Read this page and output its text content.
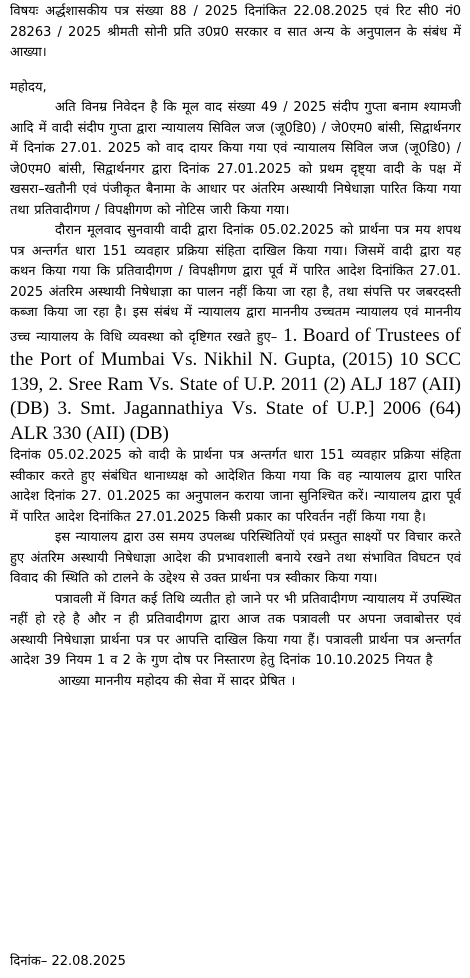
विषयः अर्द्धशासकीय पत्र संख्या 88 / 2025 दिनांकित 22.08.2025 एवं रिट सी0 नं0 28263 / 2025 श्रीमती सोनी प्रति उ0प्र0 सरकार व सात अन्य के अनुपालन के संबंध में आख्या।

महोदय,

अति विनम्र निवेदन है कि मूल वाद संख्या 49 / 2025 संदीप गुप्ता बनाम श्यामजी आदि में वादी संदीप गुप्ता द्वारा न्यायालय सिविल जज (जू0डि0) / जे0एम0 बांसी, सिद्वार्थनगर में दिनांक 27.01. 2025 को वाद दायर किया गया एवं न्यायालय सिविल जज (जू0डि0) / जे0एम0 बांसी, सिद्वार्थनगर द्वारा दिनांक 27.01.2025 को प्रथम दृष्ट्या वादी के पक्ष में खसरा–खतौनी एवं पंजीकृत बैनामा के आधार पर अंतरिम अस्थायी निषेधाज्ञा पारित किया गया तथा प्रतिवादीगण / विपक्षीगण को नोटिस जारी किया गया।

दौरान मूलवाद सुनवायी वादी द्वारा दिनांक 05.02.2025 को प्रार्थना पत्र मय शपथ पत्र अन्तर्गत धारा 151 व्यवहार प्रक्रिया संहिता दाखिल किया गया। जिसमें वादी द्वारा यह कथन किया गया कि प्रतिवादीगण / विपक्षीगण द्वारा पूर्व में पारित आदेश दिनांकित 27.01. 2025 अंतरिम अस्थायी निषेधाज्ञा का पालन नहीं किया जा रहा है, तथा संपत्ति पर जबरदस्ती कब्जा किया जा रहा है। इस संबंध में न्यायालय द्वारा माननीय उच्चतम न्यायालय एवं माननीय उच्च न्यायालय के विधि व्यवस्था को दृष्टिगत रखते हुए– 1. Board of Trustees of the Port of Mumbai Vs. Nikhil N. Gupta, (2015) 10 SCC 139, 2. Sree Ram Vs. State of U.P. 2011 (2) ALJ 187 (AII) (DB) 3. Smt. Jagannathiya Vs. State of U.P.] 2006 (64) ALR 330 (AII) (DB)

दिनांक 05.02.2025 को वादी के प्रार्थना पत्र अन्तर्गत धारा 151 व्यवहार प्रक्रिया संहिता स्वीकार करते हुए संबंधित थानाध्यक्ष को आदेशित किया गया कि वह न्यायालय द्वारा पारित आदेश दिनांक 27. 01.2025 का अनुपालन कराया जाना सुनिश्चित करें। न्यायालय द्वारा पूर्व में पारित आदेश दिनांकित 27.01.2025 किसी प्रकार का परिवर्तन नहीं किया गया है।

इस न्यायालय द्वारा उस समय उपलब्ध परिस्थितियों एवं प्रस्तुत साक्ष्यों पर विचार करते हुए अंतरिम अस्थायी निषेधाज्ञा आदेश की प्रभावशाली बनाये रखने तथा संभावित विघटन एवं विवाद की स्थिति को टालने के उद्देश्य से उक्त प्रार्थना पत्र स्वीकार किया गया।

पत्रावली में विगत कई तिथि व्यतीत हो जाने पर भी प्रतिवादीगण न्यायालय में उपस्थित नहीं हो रहे है और न ही प्रतिवादीगण द्वारा आज तक पत्रावली पर अपना जवाबोत्तर एवं अस्थायी निषेधाज्ञा प्रार्थना पत्र पर आपत्ति दाखिल किया गया हैं। पत्रावली प्रार्थना पत्र अन्तर्गत आदेश 39 नियम 1 व 2 के गुण दोष पर निस्तारण हेतु दिनांक 10.10.2025 नियत है

आख्या माननीय महोदय की सेवा में सादर प्रेषित ।

दिनांक– 22.08.2025
